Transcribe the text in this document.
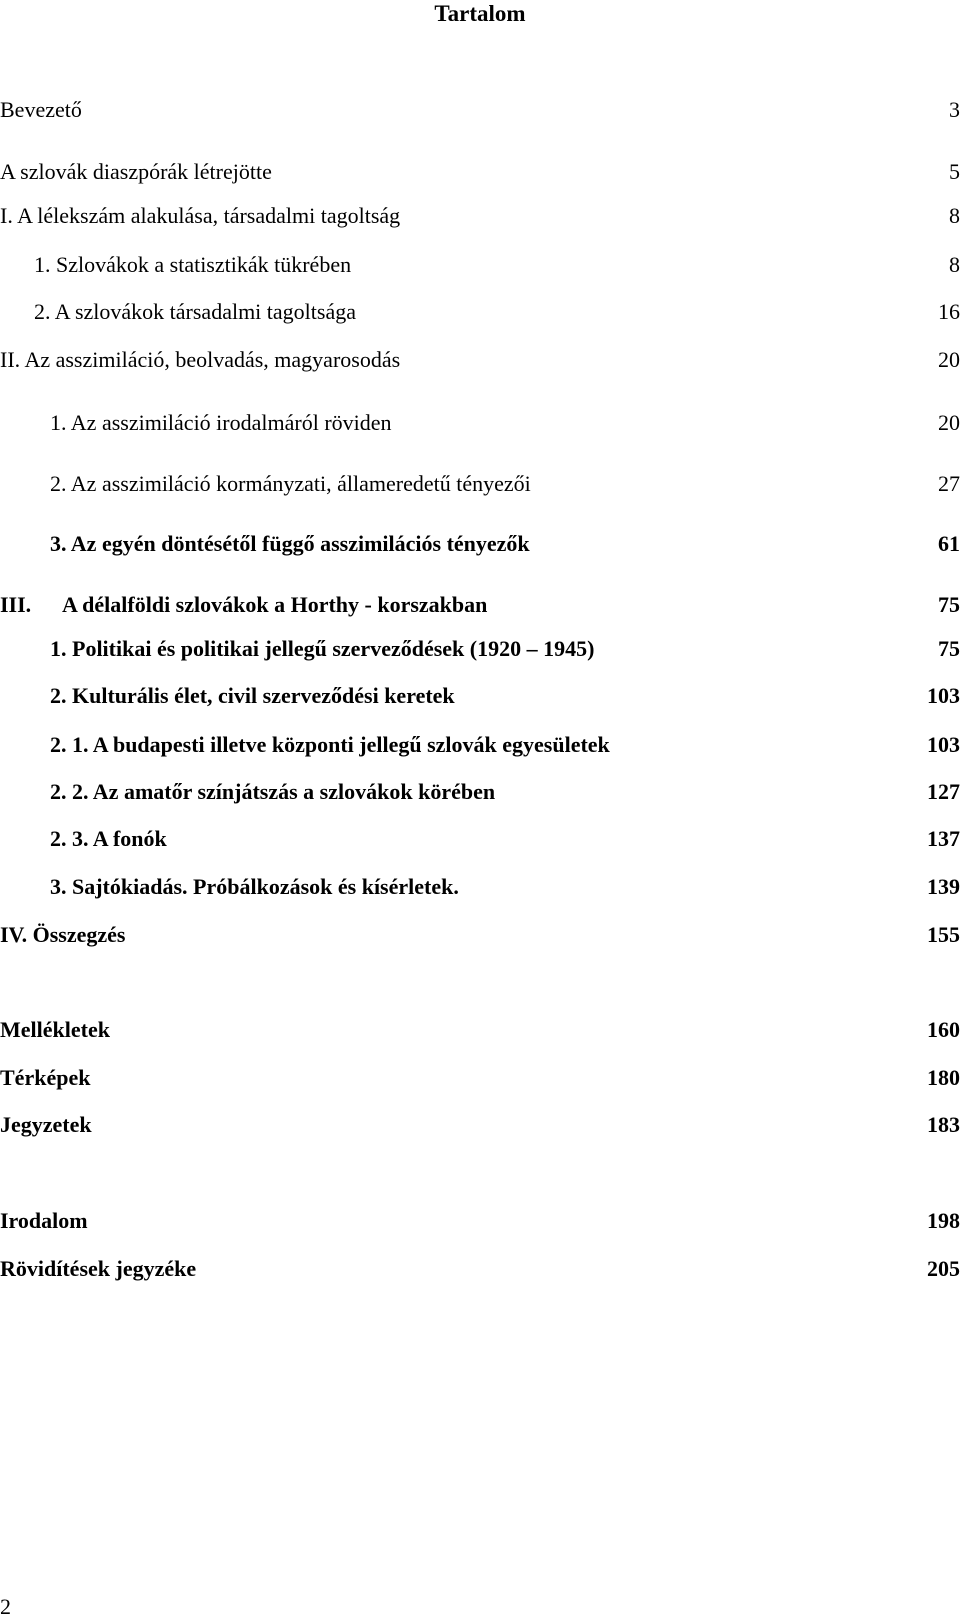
Tartalom
Bevezető	3
A szlovák diaszpórák létrejötte	5
I. A lélekszám alakulása, társadalmi tagoltság	8
1. Szlovákok a statisztikák tükrében	8
2. A szlovákok társadalmi tagoltsága	16
II. Az asszimiláció, beolvadás, magyarosodás	20
1. Az asszimiláció irodalmáról röviden	20
2. Az asszimiláció kormányzati, állameredetű tényezői	27
3. Az egyén döntésétől függő asszimilációs tényezők	61
III. A délalföldi szlovákok a Horthy - korszakban	75
1. Politikai és politikai jellegű szerveződések (1920 – 1945)	75
2. Kulturális élet, civil szerveződési keretek	103
2. 1. A budapesti illetve központi jellegű szlovák egyesületek	103
2. 2. Az amatőr színjátszás a szlovákok körében	127
2. 3. A fonók	137
3. Sajtókiadás. Próbálkozások és kísérletek.	139
IV. Összegzés	155
Mellékletek	160
Térképek	180
Jegyzetek	183
Irodalom	198
Rövidítések jegyzéke	205
2
